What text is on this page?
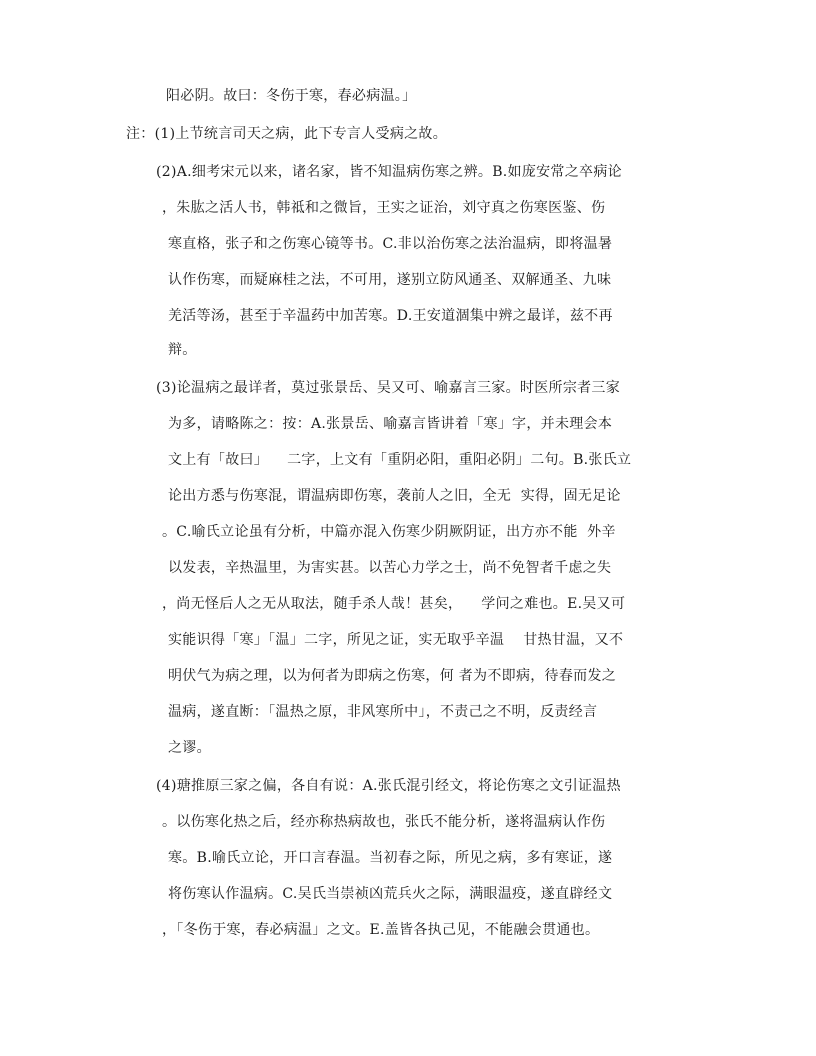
阳必阴。故曰：冬伤于寒，春必病温。」
注：(1)上节统言司天之病，此下专言人受病之故。
(2)A.细考宋元以来，诸名家，皆不知温病伤寒之辨。B.如庞安常之卒病论
，朱肱之活人书，韩祗和之微旨，王实之证治，刘守真之伤寒医鉴、伤
寒直格，张子和之伤寒心镜等书。C.非以治伤寒之法治温病，即将温暑
认作伤寒，而疑麻桂之法，不可用，遂别立防风通圣、双解通圣、九味
羌活等汤，甚至于辛温药中加苦寒。D.王安道涸集中辨之最详，兹不再
辩。
(3)论温病之最详者，莫过张景岳、吴又可、喻嘉言三家。时医所宗者三家
为多，请略陈之：按：A.张景岳、喻嘉言皆讲着「寒」字，并未理会本
文上有「故曰」    二字，上文有「重阴必阳，重阳必阴」二句。B.张氏立
论出方悉与伤寒混，谓温病即伤寒，袭前人之旧，全无  实得，固无足论
。C.喻氏立论虽有分析，中篇亦混入伤寒少阴厥阴证，出方亦不能  外辛
以发表，辛热温里，为害实甚。以苦心力学之士，尚不免智者千虑之失
，尚无怪后人之无从取法，随手杀人哉！甚矣，    学问之难也。E.吴又可
实能识得「寒」「温」二字，所见之证，实无取乎辛温    甘热甘温，又不
明伏气为病之理，以为何者为即病之伤寒，何 者为不即病，待春而发之
温病，遂直断：「温热之原，非风寒所中」，不责己之不明，反责经言
之谬。
(4)瑭推原三家之偏，各自有说：A.张氏混引经文，将论伤寒之文引证温热
。以伤寒化热之后，经亦称热病故也，张氏不能分析，遂将温病认作伤
寒。B.喻氏立论，开口言春温。当初春之际，所见之病，多有寒证，遂
将伤寒认作温病。C.吴氏当崇祯凶荒兵火之际，满眼温疫，遂直辟经文
，「冬伤于寒，春必病温」之文。E.盖皆各执己见，不能融会贯通也。
